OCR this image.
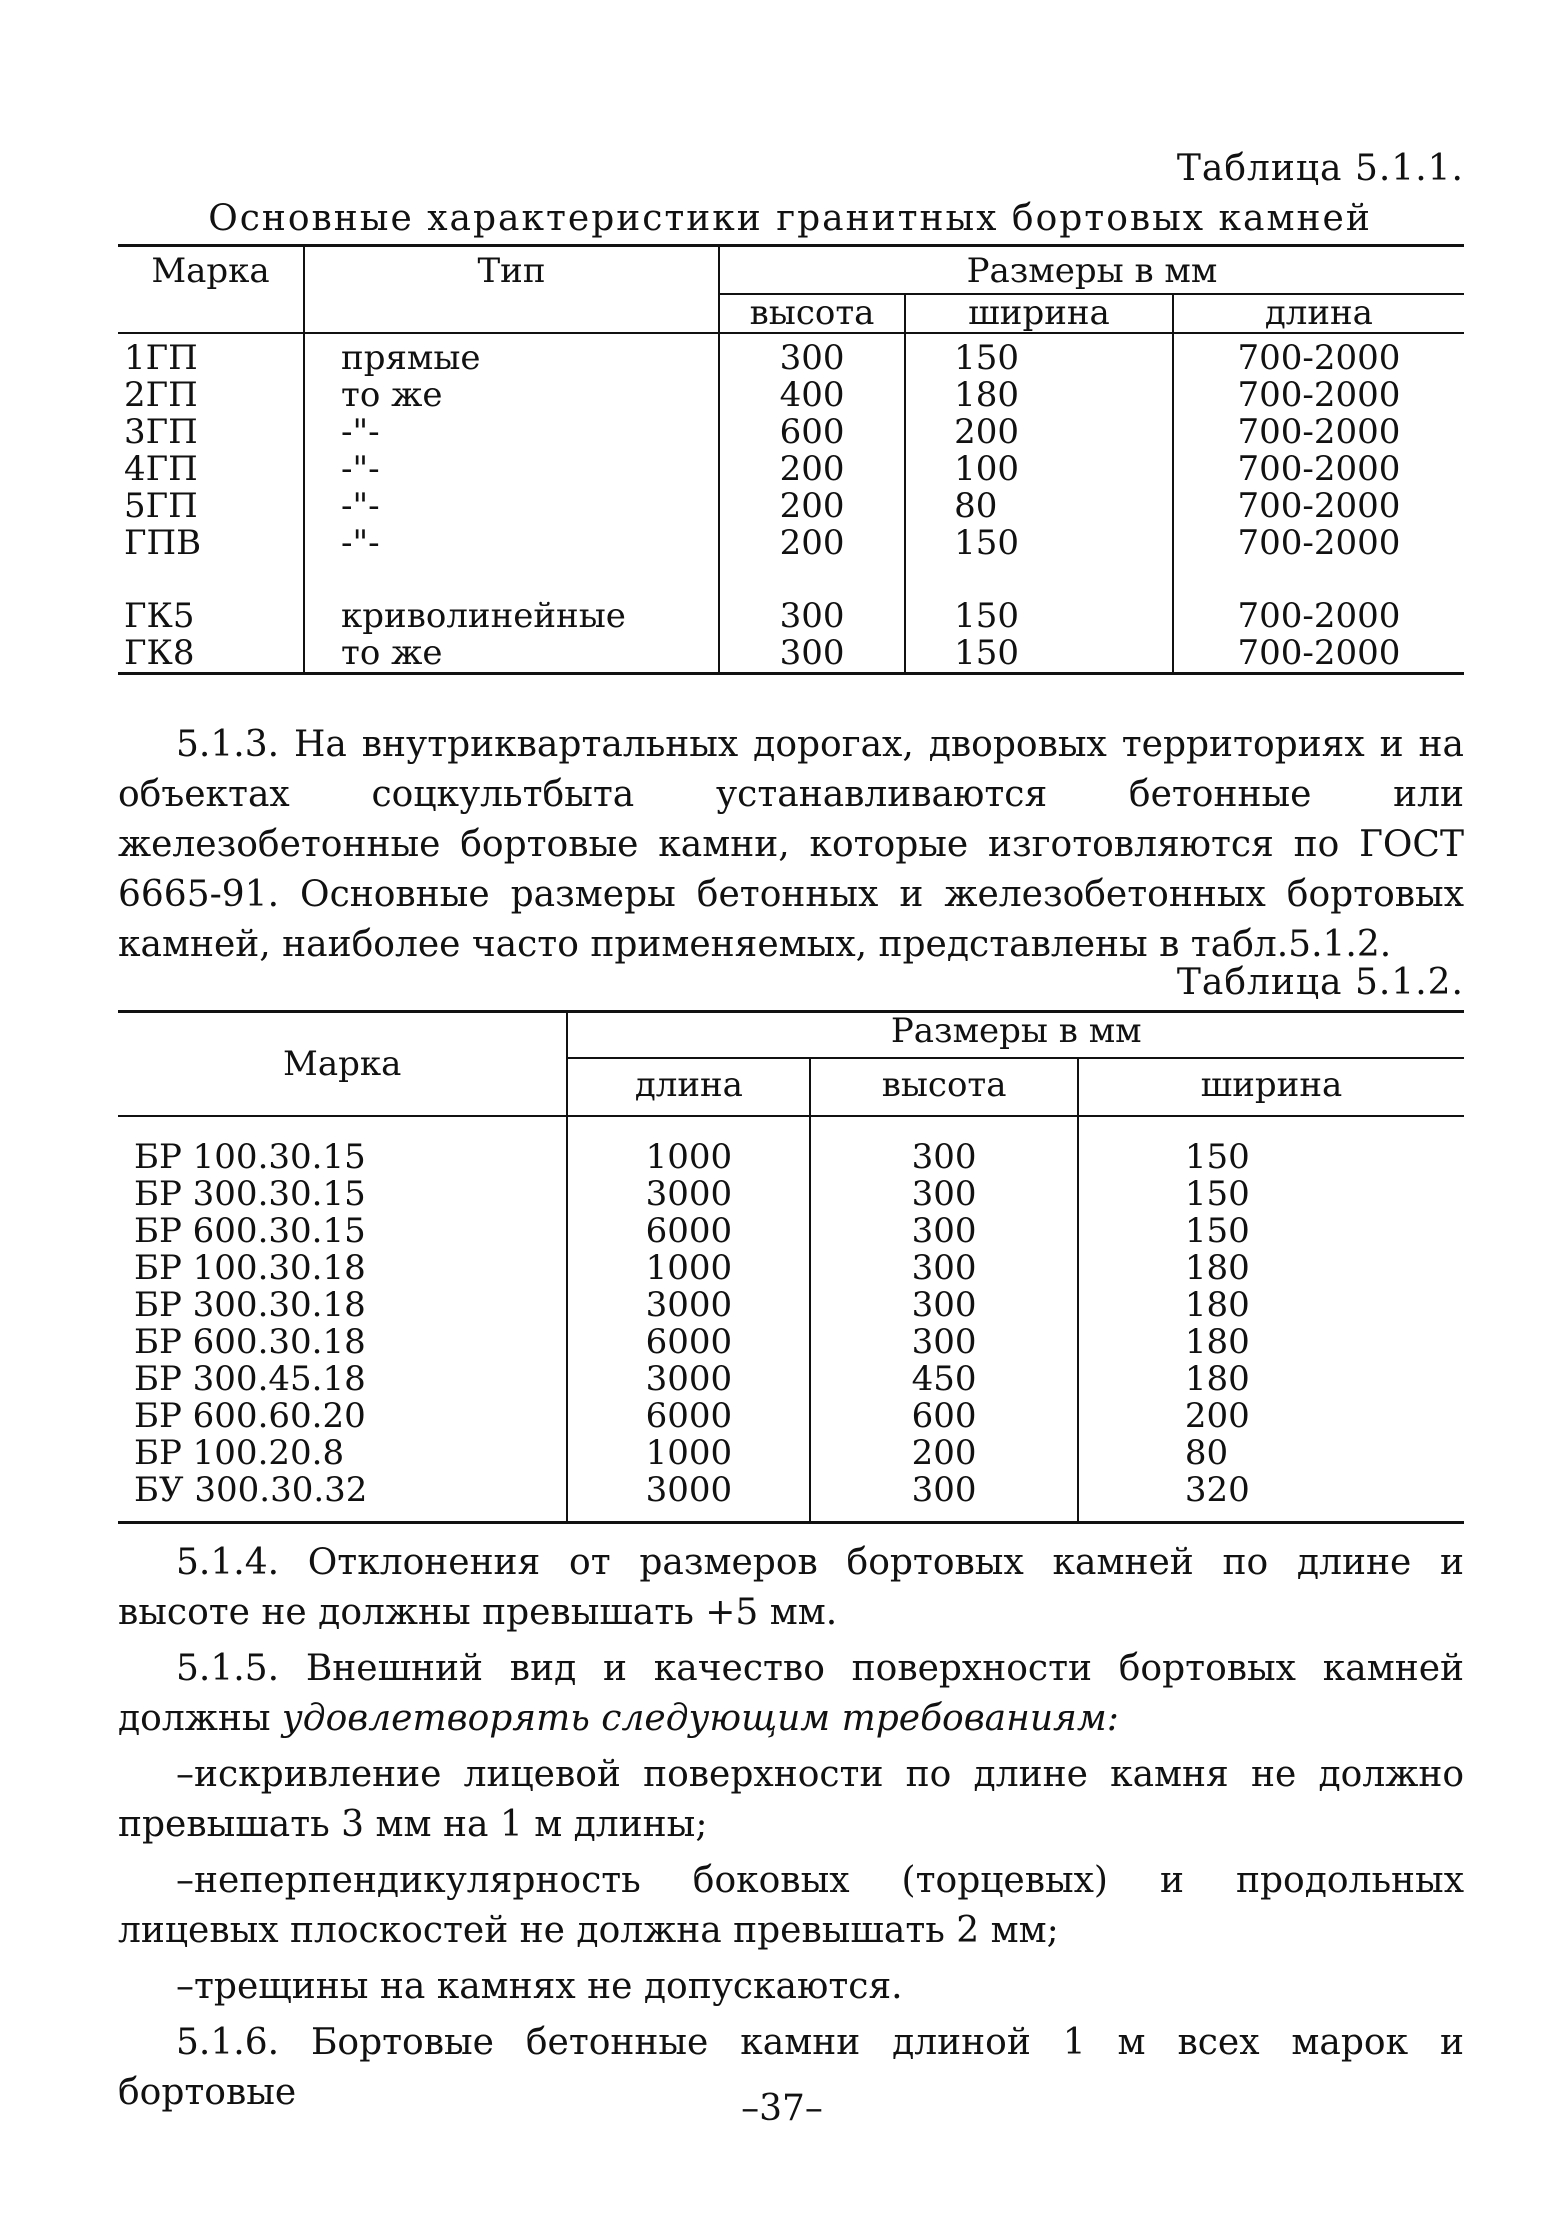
Таблица 5.1.1.
Основные характеристики гранитных бортовых камней
Марка	Тип	Размеры в мм		
		высота	ширина	длина
1ГП	прямые	300	150	700-2000
2ГП	то же	400	180	700-2000
3ГП	-"-	600	200	700-2000
4ГП	-"-	200	100	700-2000
5ГП	-"-	200	80	700-2000
ГПВ	-"-	200	150	700-2000

ГК5	криволинейные	300	150	700-2000
ГК8	то же	300	150	700-2000

5.1.3. На внутриквартальных дорогах, дворовых территориях и на объектах соцкультбыта устанавливаются бетонные или железобетонные бортовые камни, которые изготовляются по ГОСТ 6665-91. Основные размеры бетонных и железобетонных бортовых камней, наиболее часто применяемых, представлены в табл.5.1.2.

Таблица 5.1.2.
Марка	Размеры в мм		
	длина	высота	ширина
БР 100.30.15	1000	300	150
БР 300.30.15	3000	300	150
БР 600.30.15	6000	300	150
БР 100.30.18	1000	300	180
БР 300.30.18	3000	300	180
БР 600.30.18	6000	300	180
БР 300.45.18	3000	450	180
БР 600.60.20	6000	600	200
БР 100.20.8	1000	200	80
БУ 300.30.32	3000	300	320

5.1.4. Отклонения от размеров бортовых камней по длине и высоте не должны превышать +5 мм.

5.1.5. Внешний вид и качество поверхности бортовых камней должны удовлетворять следующим требованиям:

–искривление лицевой поверхности по длине камня не должно превышать 3 мм на 1 м длины;

–неперпендикулярность боковых (торцевых) и продольных лицевых плоскостей не должна превышать 2 мм;

–трещины на камнях не допускаются.

5.1.6. Бортовые бетонные камни длиной 1 м всех марок и бортовые	–37–
